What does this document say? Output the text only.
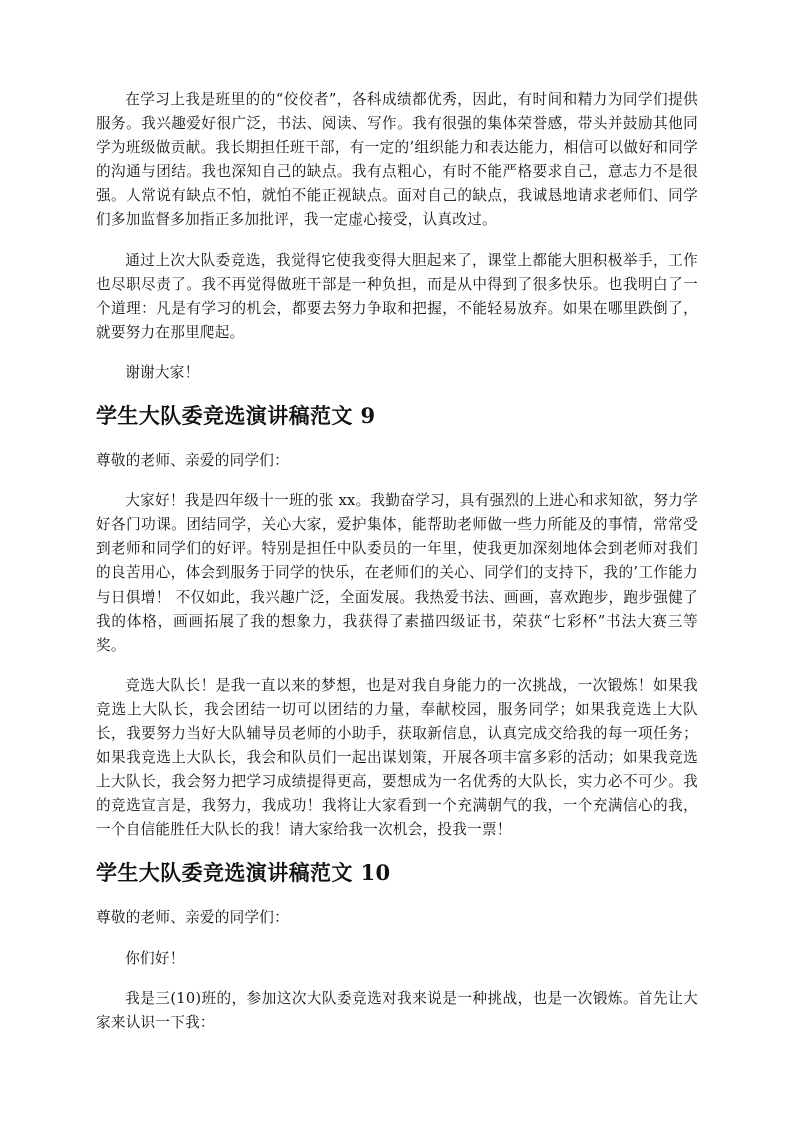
在学习上我是班里的的“佼佼者”，各科成绩都优秀，因此，有时间和精力为同学们提供服务。我兴趣爱好很广泛，书法、阅读、写作。我有很强的集体荣誉感，带头并鼓励其他同学为班级做贡献。我长期担任班干部，有一定的’组织能力和表达能力，相信可以做好和同学的沟通与团结。我也深知自己的缺点。我有点粗心，有时不能严格要求自己，意志力不是很强。人常说有缺点不怕，就怕不能正视缺点。面对自己的缺点，我诚恳地请求老师们、同学们多加监督多加指正多加批评，我一定虚心接受，认真改过。

通过上次大队委竞选，我觉得它使我变得大胆起来了，课堂上都能大胆积极举手，工作也尽职尽责了。我不再觉得做班干部是一种负担，而是从中得到了很多快乐。也我明白了一个道理：凡是有学习的机会，都要去努力争取和把握，不能轻易放弃。如果在哪里跌倒了，就要努力在那里爬起。

谢谢大家！

学生大队委竞选演讲稿范文 9

尊敬的老师、亲爱的同学们：

大家好！我是四年级十一班的张 xx。我勤奋学习，具有强烈的上进心和求知欲，努力学好各门功课。团结同学，关心大家，爱护集体，能帮助老师做一些力所能及的事情，常常受到老师和同学们的好评。特别是担任中队委员的一年里，使我更加深刻地体会到老师对我们的良苦用心，体会到服务于同学的快乐，在老师们的关心、同学们的支持下，我的’工作能力与日俱增！ 不仅如此，我兴趣广泛，全面发展。我热爱书法、画画，喜欢跑步，跑步强健了我的体格，画画拓展了我的想象力，我获得了素描四级证书，荣获“七彩杯”书法大赛三等奖。

竞选大队长！是我一直以来的梦想，也是对我自身能力的一次挑战，一次锻炼！如果我竞选上大队长，我会团结一切可以团结的力量，奉献校园，服务同学；如果我竞选上大队长，我要努力当好大队辅导员老师的小助手，获取新信息，认真完成交给我的每一项任务；如果我竞选上大队长，我会和队员们一起出谋划策，开展各项丰富多彩的活动；如果我竞选上大队长，我会努力把学习成绩提得更高，要想成为一名优秀的大队长，实力必不可少。我的竞选宣言是，我努力，我成功！我将让大家看到一个充满朝气的我，一个充满信心的我，一个自信能胜任大队长的我！请大家给我一次机会，投我一票！

学生大队委竞选演讲稿范文 10

尊敬的老师、亲爱的同学们：

你们好！

我是三(10)班的，参加这次大队委竞选对我来说是一种挑战，也是一次锻炼。首先让大家来认识一下我：
